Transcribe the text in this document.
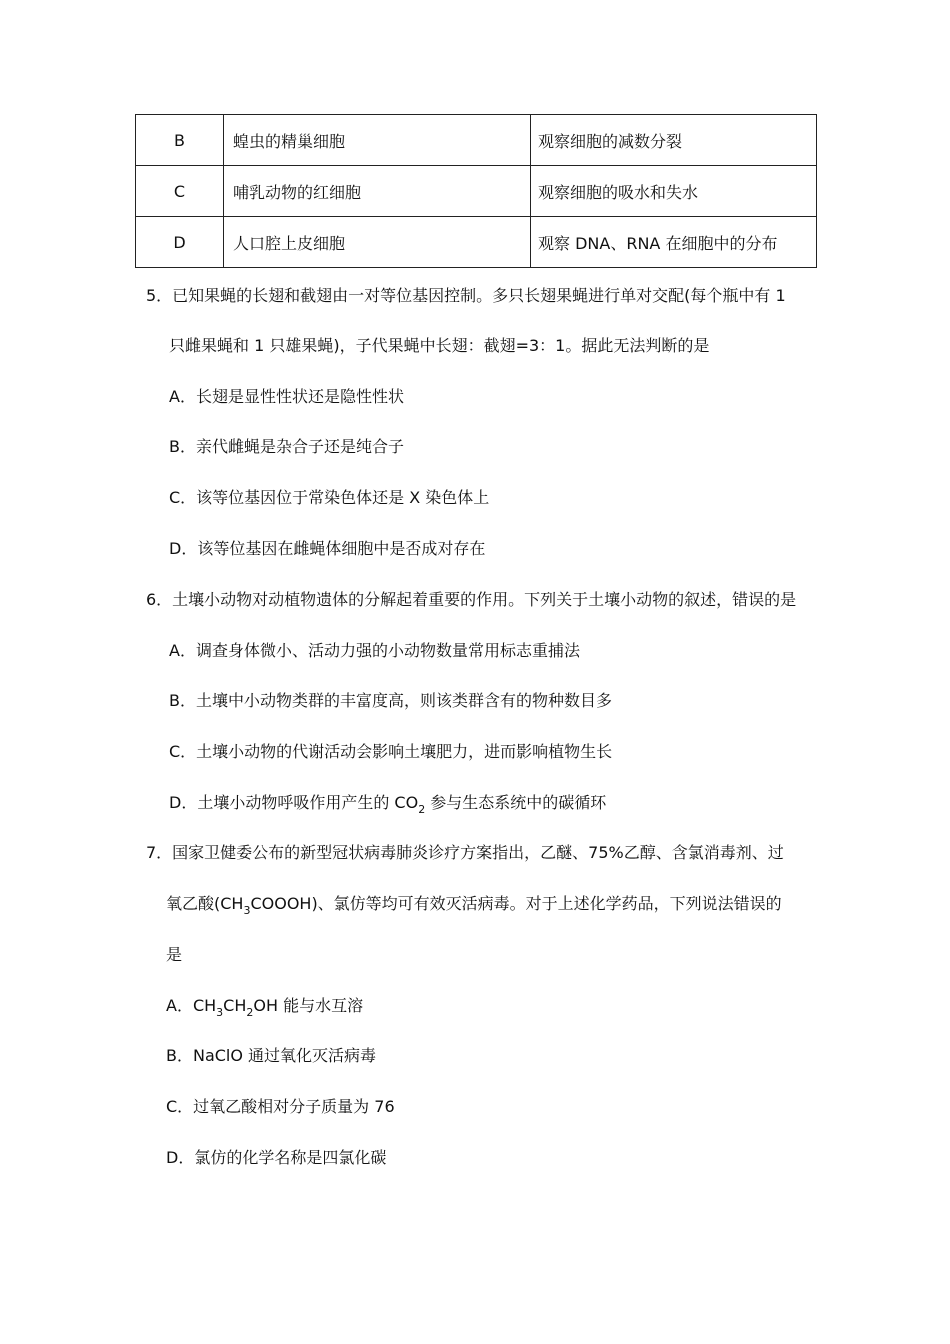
B	蝗虫的精巢细胞	观察细胞的减数分裂
C	哺乳动物的红细胞	观察细胞的吸水和失水
D	人口腔上皮细胞	观察 DNA、RNA 在细胞中的分布
5．已知果蝇的长翅和截翅由一对等位基因控制。多只长翅果蝇进行单对交配(每个瓶中有 1
只雌果蝇和 1 只雄果蝇)，子代果蝇中长翅：截翅=3：1。据此无法判断的是
A．长翅是显性性状还是隐性性状
B．亲代雌蝇是杂合子还是纯合子
C．该等位基因位于常染色体还是 X 染色体上
D．该等位基因在雌蝇体细胞中是否成对存在
6．土壤小动物对动植物遗体的分解起着重要的作用。下列关于土壤小动物的叙述，错误的是
A．调查身体微小、活动力强的小动物数量常用标志重捕法
B．土壤中小动物类群的丰富度高，则该类群含有的物种数目多
C．土壤小动物的代谢活动会影响土壤肥力，进而影响植物生长
D．土壤小动物呼吸作用产生的 $CO_2$ 参与生态系统中的碳循环
7．国家卫健委公布的新型冠状病毒肺炎诊疗方案指出，乙醚、75%乙醇、含氯消毒剂、过
氧乙酸$(CH_3COOOH)$、氯仿等均可有效灭活病毒。对于上述化学药品，下列说法错误的
是
A．$CH_3CH_2OH$ 能与水互溶
B．NaClO 通过氧化灭活病毒
C．过氧乙酸相对分子质量为 76
D．氯仿的化学名称是四氯化碳
